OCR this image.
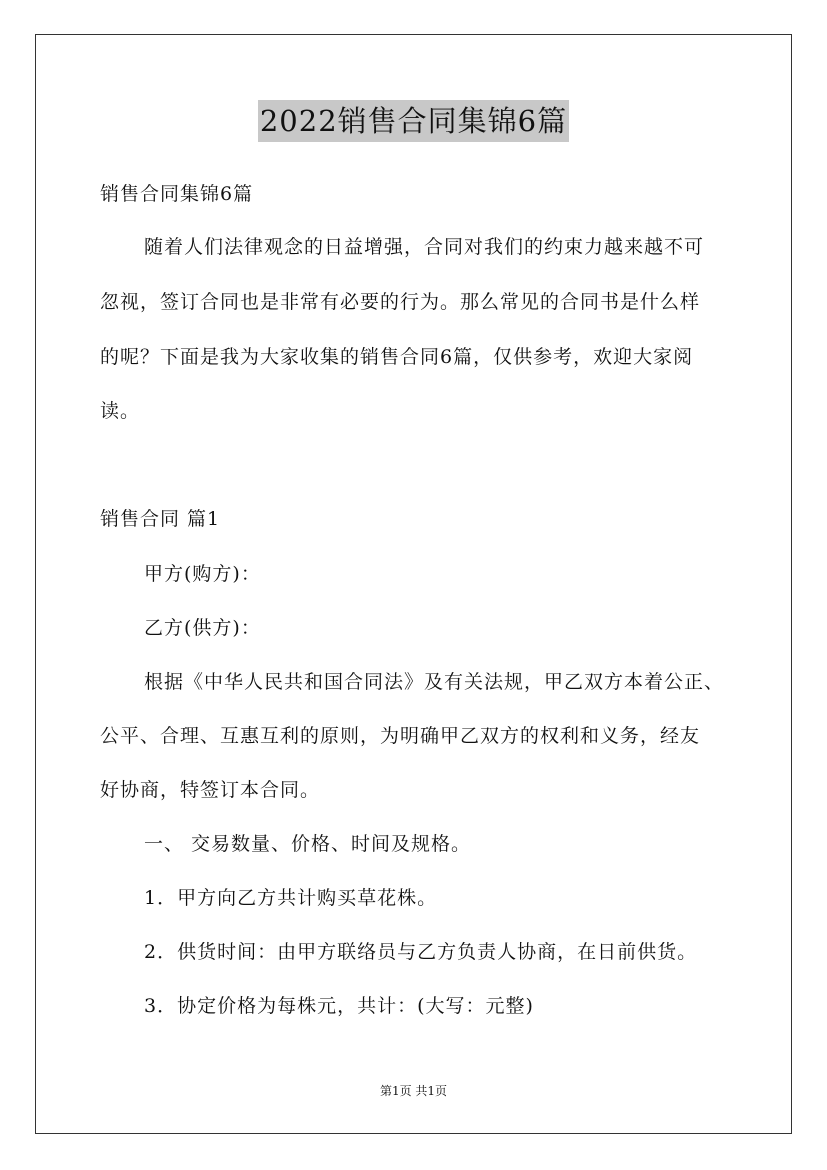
2022销售合同集锦6篇
销售合同集锦6篇
随着人们法律观念的日益增强，合同对我们的约束力越来越不可
忽视，签订合同也是非常有必要的行为。那么常见的合同书是什么样
的呢？下面是我为大家收集的销售合同6篇，仅供参考，欢迎大家阅
读。
销售合同 篇1
甲方(购方)：
乙方(供方)：
根据《中华人民共和国合同法》及有关法规，甲乙双方本着公正、
公平、合理、互惠互利的原则，为明确甲乙双方的权利和义务，经友
好协商，特签订本合同。
一、 交易数量、价格、时间及规格。
1．甲方向乙方共计购买草花株。
2．供货时间：由甲方联络员与乙方负责人协商，在日前供货。
3．协定价格为每株元，共计：(大写：元整)
第1页 共1页
